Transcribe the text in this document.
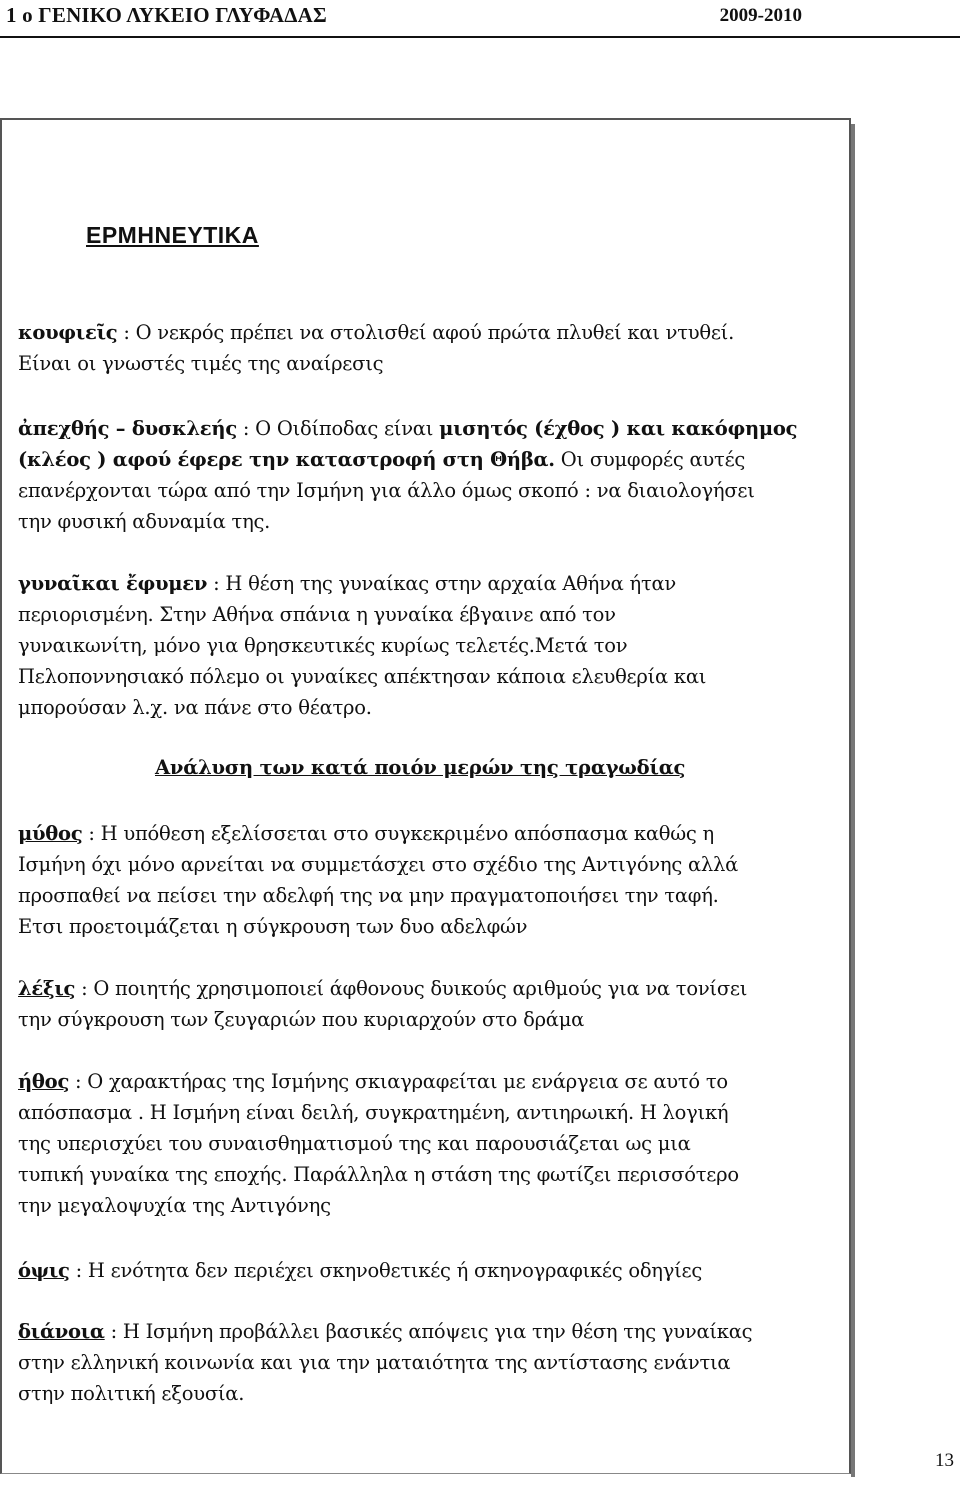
1 ο ΓΕΝΙΚΟ ΛΥΚΕΙΟ ΓΛΥΦΑΔΑΣ	2009-2010
ΕΡΜΗΝΕΥΤΙΚΑ

κουφιεῖς : Ο νεκρός πρέπει να στολισθεί αφού πρώτα πλυθεί και ντυθεί.
Είναι οι γνωστές τιμές της αναίρεσις

ἀπεχθής – δυσκλεής : Ο Οιδίποδας είναι μισητός (έχθος ) και κακόφημος
(κλέος ) αφού έφερε την καταστροφή στη Θήβα. Οι συμφορές αυτές
επανέρχονται τώρα από την Ισμήνη για άλλο όμως σκοπό : να διαιολογήσει
την φυσική αδυναμία της.

γυναῖκαι ἔφυμεν : Η θέση της γυναίκας στην αρχαία Αθήνα ήταν
περιορισμένη. Στην Αθήνα σπάνια η γυναίκα έβγαινε από τον
γυναικωνίτη, μόνο για θρησκευτικές κυρίως τελετές.Μετά τον
Πελοποννησιακό πόλεμο οι γυναίκες απέκτησαν κάποια ελευθερία και
μπορούσαν λ.χ. να πάνε στο θέατρο.

Ανάλυση των κατά ποιόν μερών της τραγωδίας

μύθος : Η υπόθεση εξελίσσεται στο συγκεκριμένο απόσπασμα καθώς η
Ισμήνη όχι μόνο αρνείται να συμμετάσχει στο σχέδιο της Αντιγόνης αλλά
προσπαθεί να πείσει την αδελφή της να μην πραγματοποιήσει την ταφή.
Ετσι προετοιμάζεται η σύγκρουση των δυο αδελφών

λέξις : Ο ποιητής χρησιμοποιεί άφθονους δυικούς αριθμούς για να τονίσει
την σύγκρουση των ζευγαριών που κυριαρχούν στο δράμα

ήθος : Ο χαρακτήρας της Ισμήνης σκιαγραφείται με ενάργεια σε αυτό το
απόσπασμα . Η Ισμήνη είναι δειλή, συγκρατημένη, αντιηρωική. Η λογική
της υπερισχύει του συναισθηματισμού της και παρουσιάζεται ως μια
τυπική γυναίκα της εποχής. Παράλληλα η στάση της φωτίζει περισσότερο
την μεγαλοψυχία της Αντιγόνης

όψις : Η ενότητα δεν περιέχει σκηνοθετικές ή σκηνογραφικές οδηγίες

διάνοια : Η Ισμήνη προβάλλει βασικές απόψεις για την θέση της γυναίκας
στην ελληνική κοινωνία και για την ματαιότητα της αντίστασης ενάντια
στην πολιτική εξουσία.

13
